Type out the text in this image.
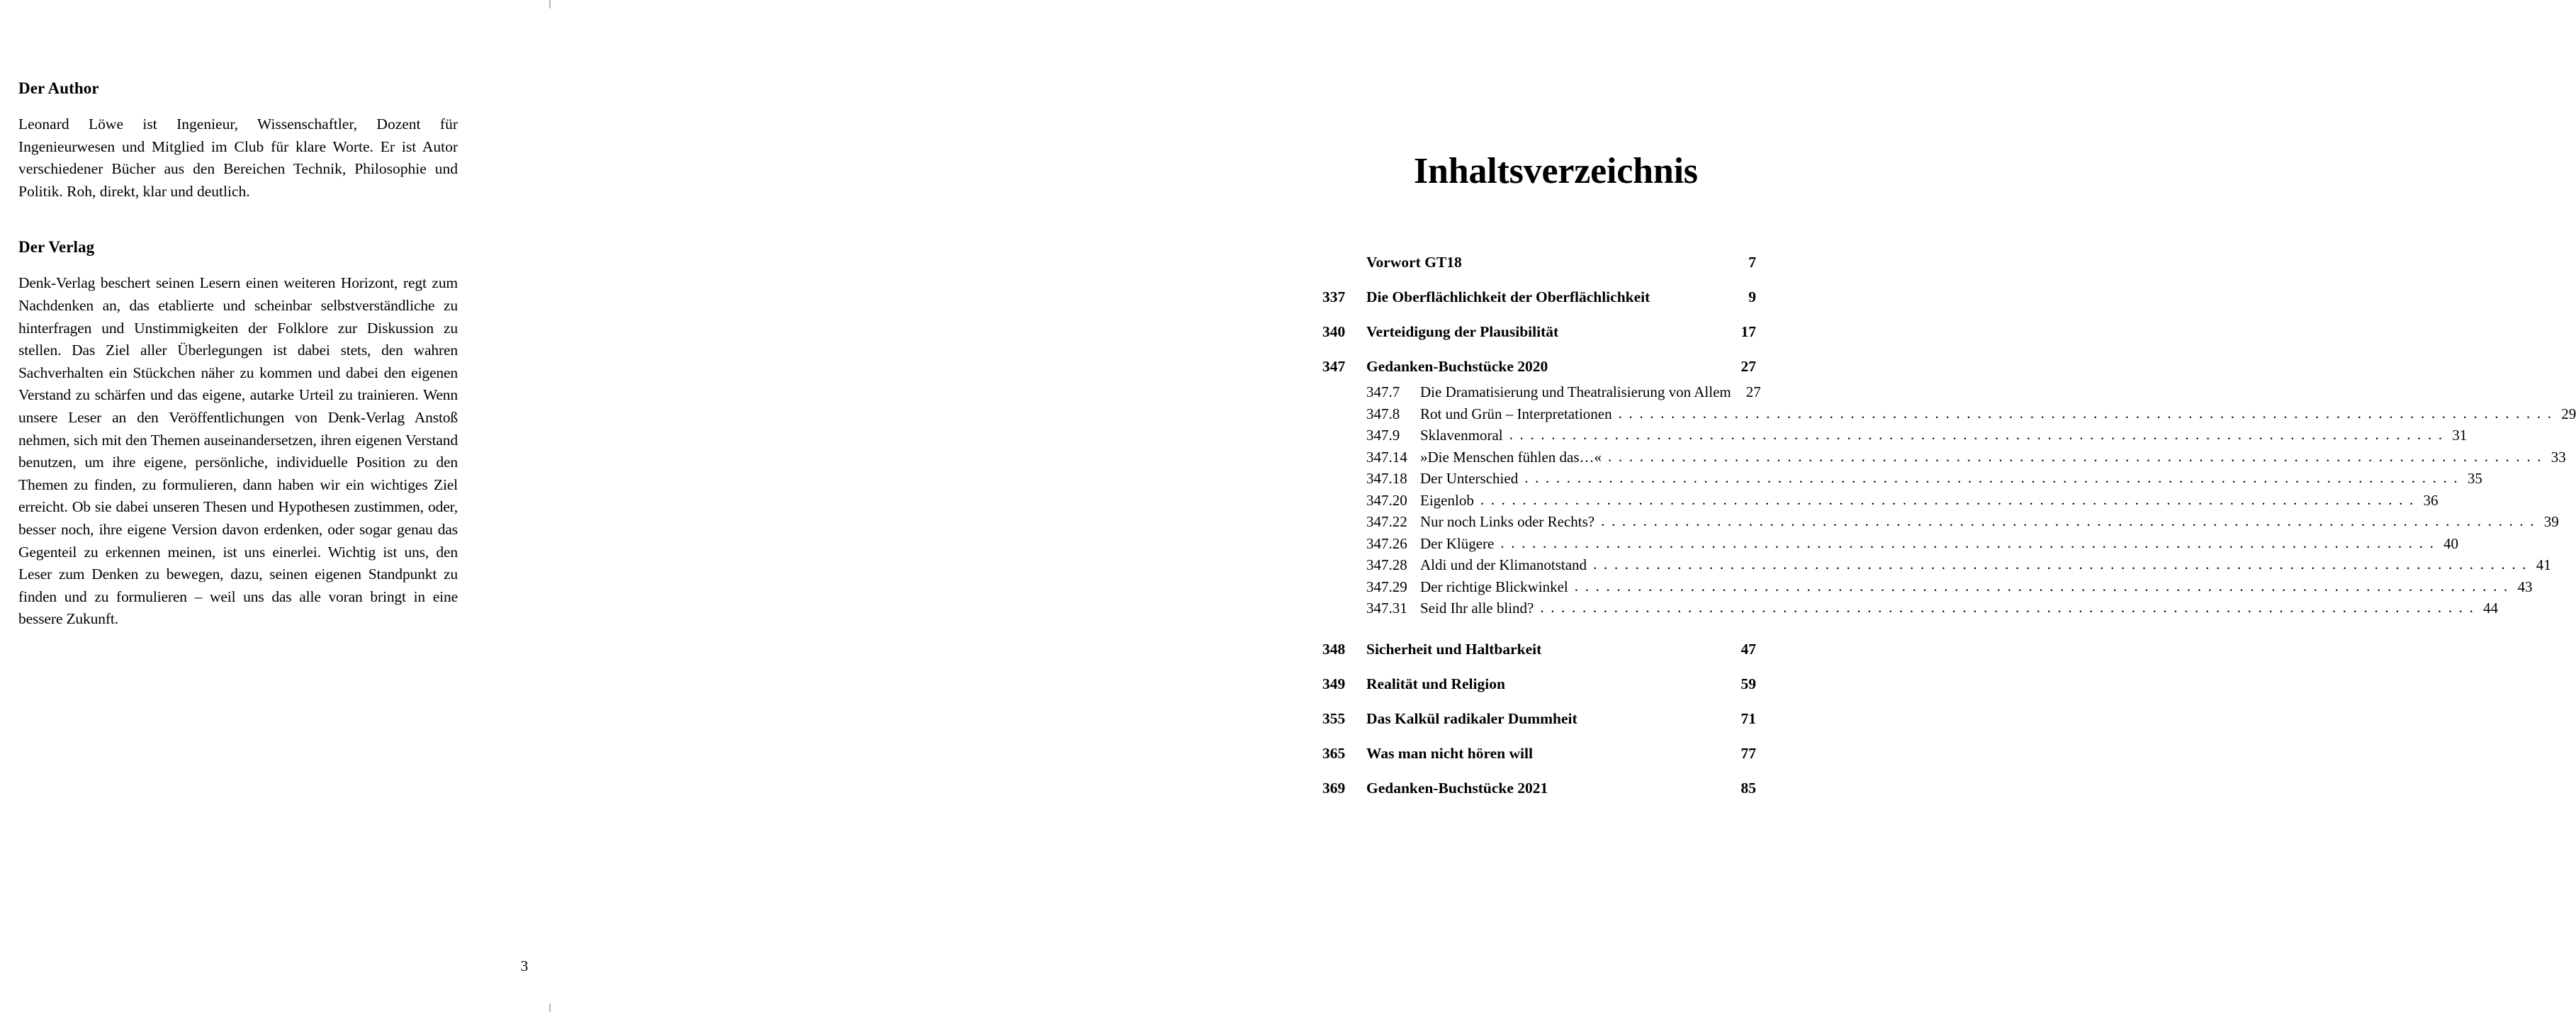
Der Author

Leonard Löwe ist Ingenieur, Wissenschaftler, Dozent für Ingenieurwesen und Mitglied im Club für klare Worte. Er ist Autor verschiedener Bücher aus den Bereichen Technik, Philosophie und Politik. Roh, direkt, klar und deutlich.

Der Verlag

Denk-Verlag beschert seinen Lesern einen weiteren Horizont, regt zum Nachdenken an, das etablierte und scheinbar selbstverständliche zu hinterfragen und Unstimmigkeiten der Folklore zur Diskussion zu stellen. Das Ziel aller Überlegungen ist dabei stets, den wahren Sachverhalten ein Stückchen näher zu kommen und dabei den eigenen Verstand zu schärfen und das eigene, autarke Urteil zu trainieren. Wenn unsere Leser an den Veröffentlichungen von Denk-Verlag Anstoß nehmen, sich mit den Themen auseinandersetzen, ihren eigenen Verstand benutzen, um ihre eigene, persönliche, individuelle Position zu den Themen zu finden, zu formulieren, dann haben wir ein wichtiges Ziel erreicht. Ob sie dabei unseren Thesen und Hypothesen zustimmen, oder, besser noch, ihre eigene Version davon erdenken, oder sogar genau das Gegenteil zu erkennen meinen, ist uns einerlei. Wichtig ist uns, den Leser zum Denken zu bewegen, dazu, seinen eigenen Standpunkt zu finden und zu formulieren – weil uns das alle voran bringt in eine bessere Zukunft.

Inhaltsverzeichnis
Vorwort GT18	7
337	Die Oberflächlichkeit der Oberflächlichkeit	9
340	Verteidigung der Plausibilität	17
347	Gedanken-Buchstücke 2020	27
347.7	Die Dramatisierung und Theatralisierung von Allem 27
347.8	Rot und Grün – Interpretationen . . . . . . . . . . . . . . . . . . . . . . . . . . . . . . . . . . . . . . . . . . . . . . . . . . . . . . . . . . . . . . . . . . . . . . . . . . . . . . . . . . . . . . . . . 29
347.9	Sklavenmoral . . . . . . . . . . . . . . . . . . . . . . . . . . . . . . . . . . . . . . . . . . . . . . . . . . . . . . . . . . . . . . . . . . . . . . . . . . . . . . . . . . . . . . . . . 31
347.14 »Die Menschen fühlen das…« . . . . . . . . . . . . . . . . . . . . . . . . . . . . . . . . . . . . . . . . . . . . . . . . . . . . . . . . . . . . . . . . . . . . . . . . . . . . . . . . . . . . . . . . . 33
347.18 Der Unterschied . . . . . . . . . . . . . . . . . . . . . . . . . . . . . . . . . . . . . . . . . . . . . . . . . . . . . . . . . . . . . . . . . . . . . . . . . . . . . . . . . . . . . . . . . 35
347.20 Eigenlob . . . . . . . . . . . . . . . . . . . . . . . . . . . . . . . . . . . . . . . . . . . . . . . . . . . . . . . . . . . . . . . . . . . . . . . . . . . . . . . . . . . . . . . . . 36
347.22 Nur noch Links oder Rechts? . . . . . . . . . . . . . . . . . . . . . . . . . . . . . . . . . . . . . . . . . . . . . . . . . . . . . . . . . . . . . . . . . . . . . . . . . . . . . . . . . . . . . . . . . 39
347.26 Der Klügere . . . . . . . . . . . . . . . . . . . . . . . . . . . . . . . . . . . . . . . . . . . . . . . . . . . . . . . . . . . . . . . . . . . . . . . . . . . . . . . . . . . . . . . . . 40
347.28 Aldi und der Klimanotstand . . . . . . . . . . . . . . . . . . . . . . . . . . . . . . . . . . . . . . . . . . . . . . . . . . . . . . . . . . . . . . . . . . . . . . . . . . . . . . . . . . . . . . . . . 41
347.29 Der richtige Blickwinkel . . . . . . . . . . . . . . . . . . . . . . . . . . . . . . . . . . . . . . . . . . . . . . . . . . . . . . . . . . . . . . . . . . . . . . . . . . . . . . . . . . . . . . . . . 43
347.31 Seid Ihr alle blind? . . . . . . . . . . . . . . . . . . . . . . . . . . . . . . . . . . . . . . . . . . . . . . . . . . . . . . . . . . . . . . . . . . . . . . . . . . . . . . . . . . . . . . . . . 44
348	Sicherheit und Haltbarkeit	47
349	Realität und Religion	59
355	Das Kalkül radikaler Dummheit	71
365	Was man nicht hören will	77
369	Gedanken-Buchstücke 2021	85
3
